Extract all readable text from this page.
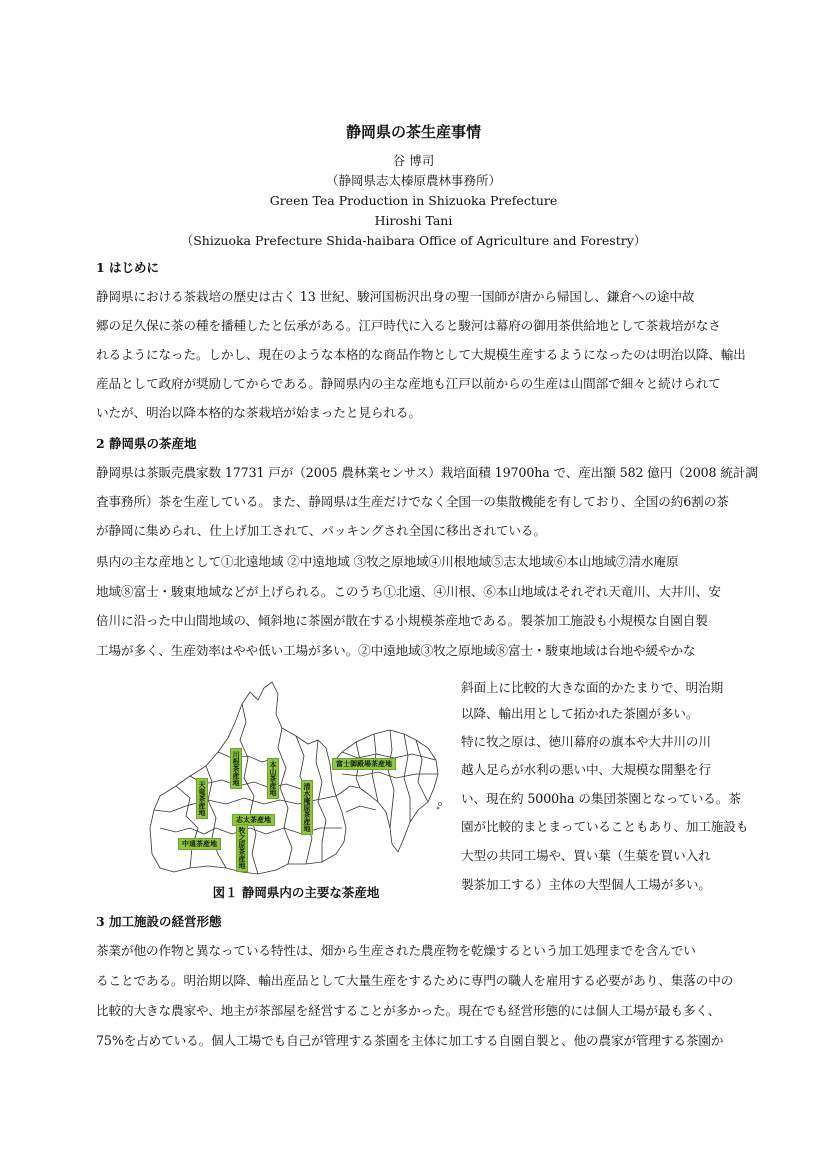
静岡県の茶生産事情
谷 博司
（静岡県志太榛原農林事務所）
Green Tea Production in Shizuoka Prefecture
Hiroshi Tani
（Shizuoka Prefecture Shida-haibara Office of Agriculture and Forestry）
1 はじめに
静岡県における茶栽培の歴史は古く 13 世紀、駿河国栃沢出身の聖一国師が唐から帰国し、鎌倉への途中故
郷の足久保に茶の種を播種したと伝承がある。江戸時代に入ると駿河は幕府の御用茶供給地として茶栽培がなさ
れるようになった。しかし、現在のような本格的な商品作物として大規模生産するようになったのは明治以降、輸出
産品として政府が奨励してからである。静岡県内の主な産地も江戸以前からの生産は山間部で細々と続けられて
いたが、明治以降本格的な茶栽培が始まったと見られる。
2 静岡県の茶産地
静岡県は茶販売農家数 17731 戸が（2005 農林業センサス）栽培面積 19700ha で、産出額 582 億円（2008 統計調
査事務所）茶を生産している。また、静岡県は生産だけでなく全国一の集散機能を有しており、全国の約6割の茶
が静岡に集められ、仕上げ加工されて、パッキングされ全国に移出されている。
県内の主な産地として①北遠地域 ②中遠地域 ③牧之原地域④川根地域⑤志太地域⑥本山地域⑦清水庵原
地域⑧富士・駿東地域などが上げられる。このうち①北遠、④川根、⑥本山地域はそれぞれ天竜川、大井川、安
倍川に沿った中山間地域の、傾斜地に茶園が散在する小規模茶産地である。製茶加工施設も小規模な自園自製
工場が多く、生産効率はやや低い工場が多い。②中遠地域③牧之原地域⑧富士・駿東地域は台地や緩やかな
斜面上に比較的大きな面的かたまりで、明治期
以降、輸出用として拓かれた茶園が多い。
特に牧之原は、徳川幕府の旗本や大井川の川
越人足らが水利の悪い中、大規模な開墾を行
い、現在約 5000ha の集団茶園となっている。茶
園が比較的まとまっていることもあり、加工施設も
大型の共同工場や、買い葉（生葉を買い入れ
製茶加工する）主体の大型個人工場が多い。
天竜茶産地
川根茶産地	本山茶産地	富士御殿場茶産地
清水庵原茶産地
志太茶産地
牧之原茶産地
中遠茶産地
図１ 静岡県内の主要な茶産地
3 加工施設の経営形態
茶業が他の作物と異なっている特性は、畑から生産された農産物を乾燥するという加工処理までを含んでい
ることである。明治期以降、輸出産品として大量生産をするために専門の職人を雇用する必要があり、集落の中の
比較的大きな農家や、地主が茶部屋を経営することが多かった。現在でも経営形態的には個人工場が最も多く、
75%を占めている。個人工場でも自己が管理する茶園を主体に加工する自園自製と、他の農家が管理する茶園か
